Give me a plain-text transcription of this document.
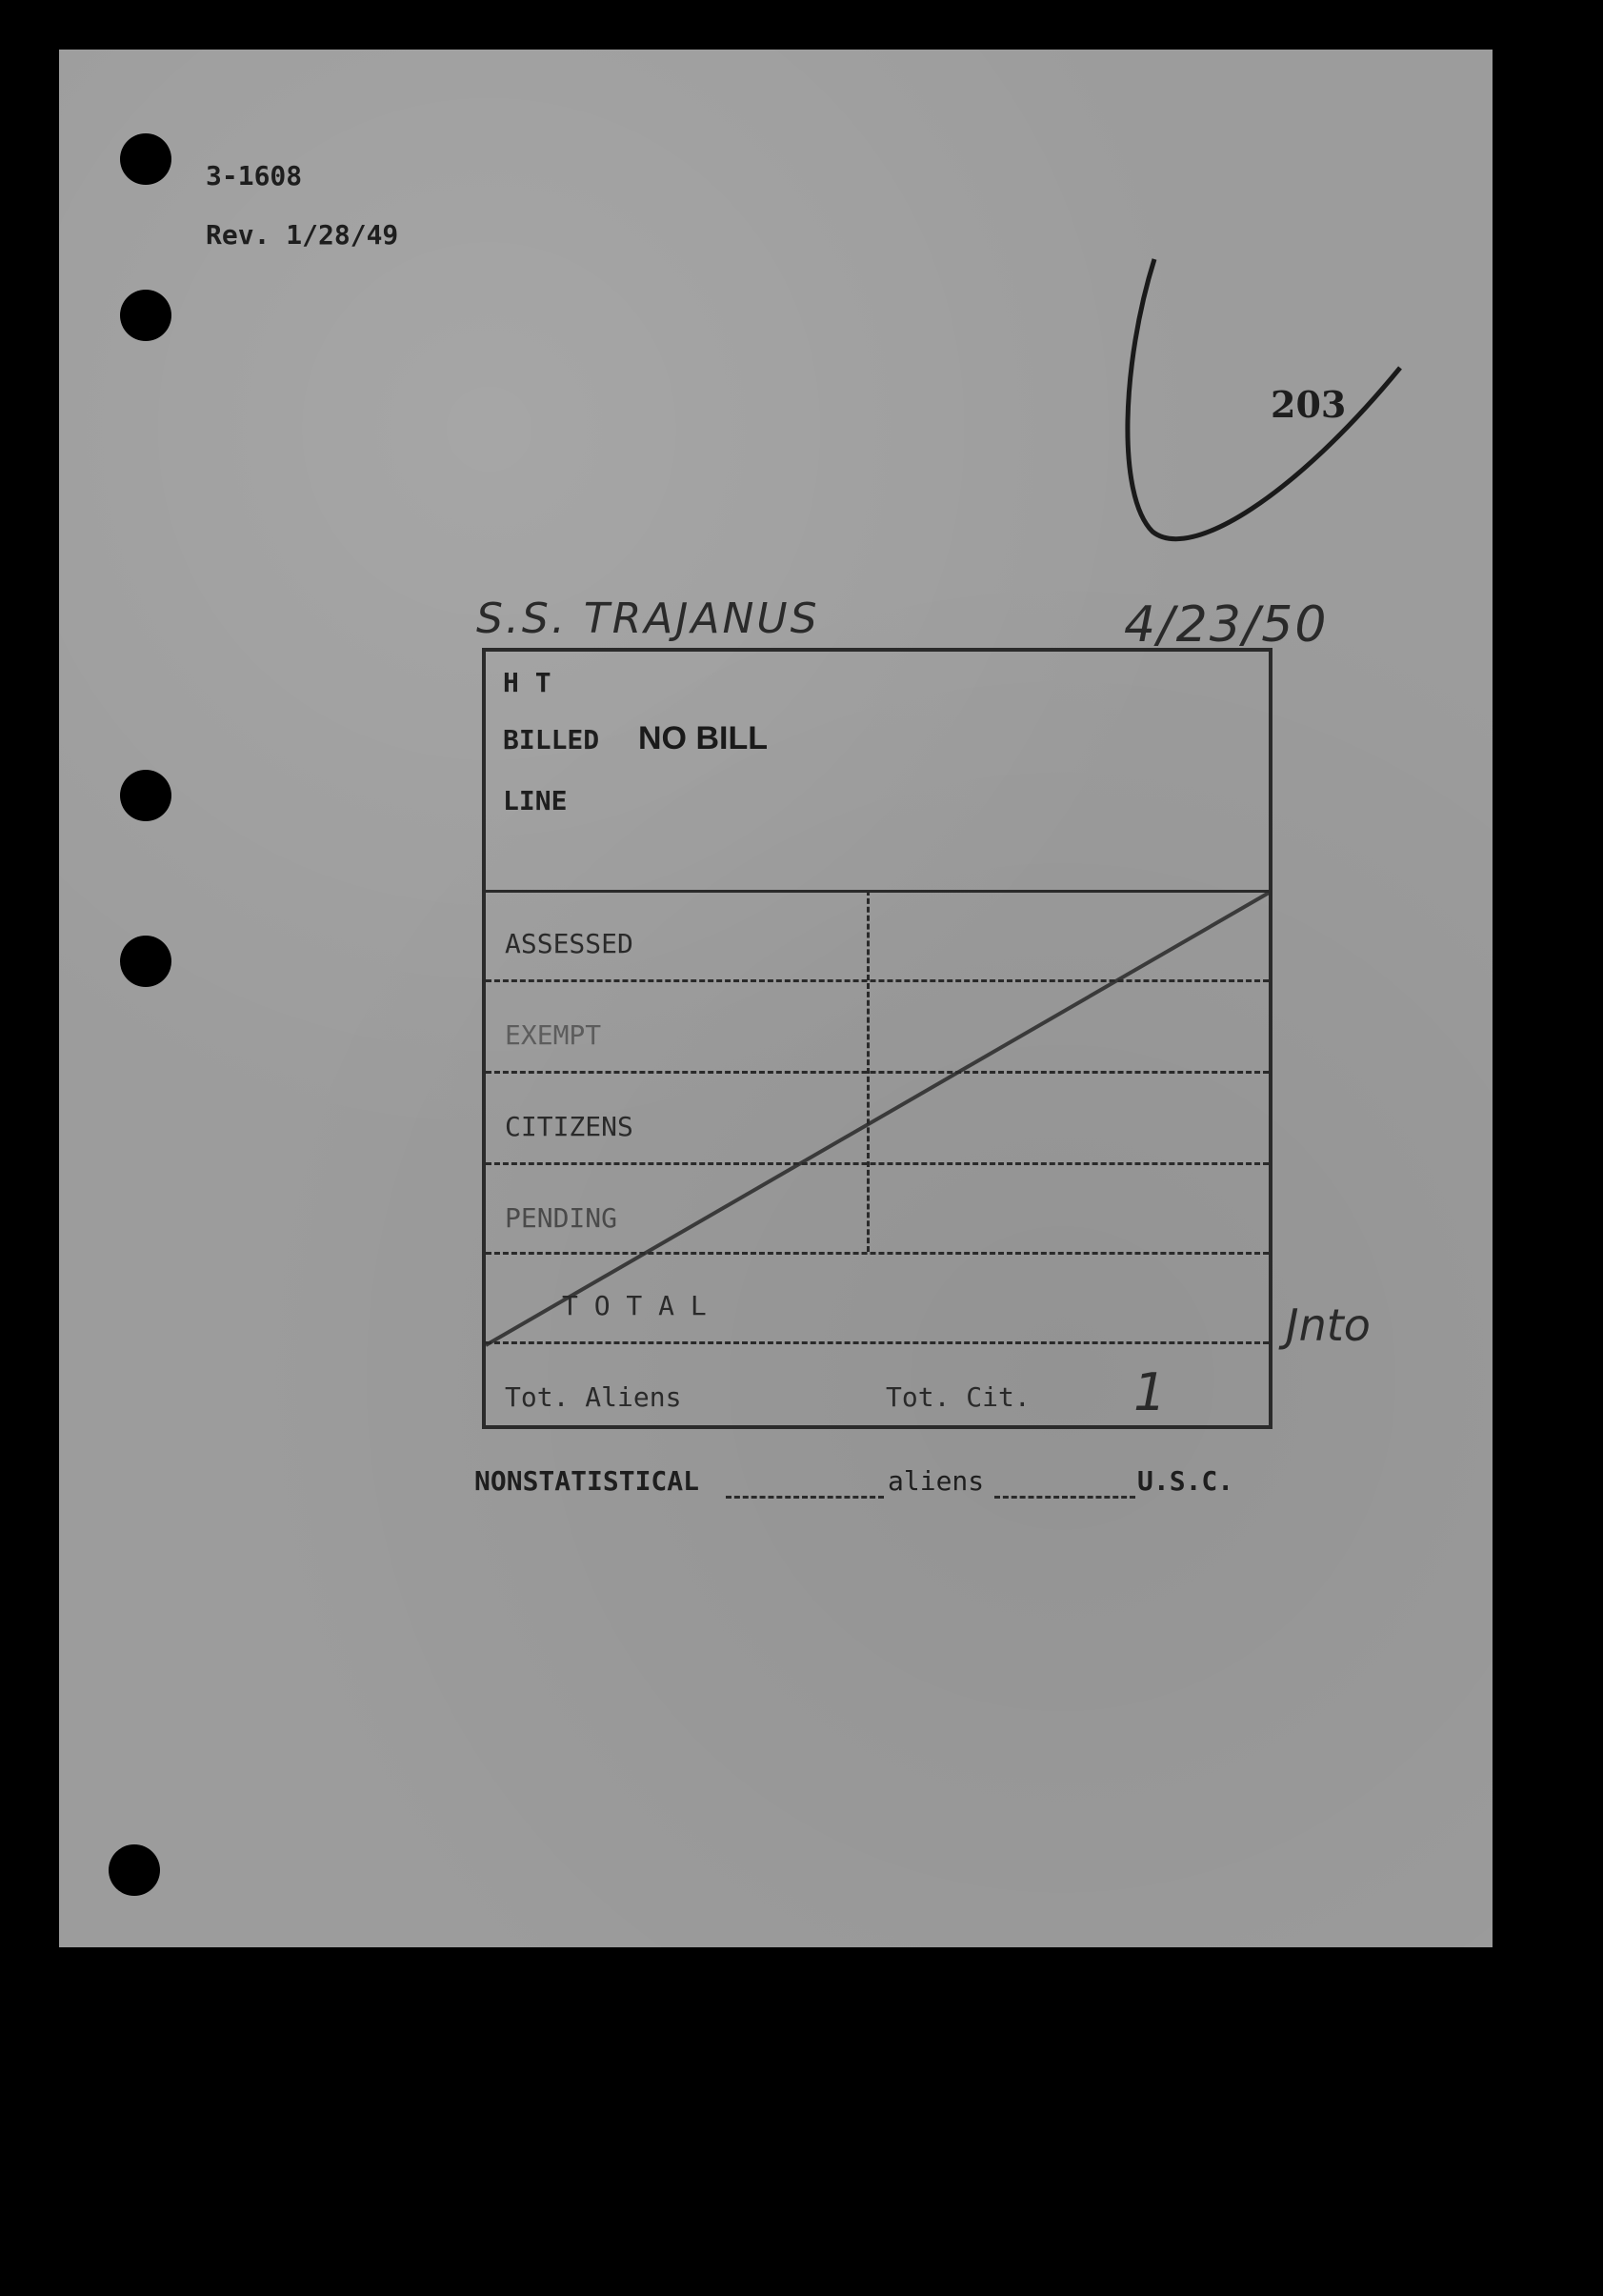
3-1608
Rev. 1/28/49
203
S.S. TRAJANUS	4/23/50
Jnto
H T
BILLED NO BILL
LINE
ASSESSED
EXEMPT
CITIZENS
PENDING
T O T A L
Tot. Aliens	Tot. Cit. 1
NONSTATISTICAL	aliens	U.S.C.
